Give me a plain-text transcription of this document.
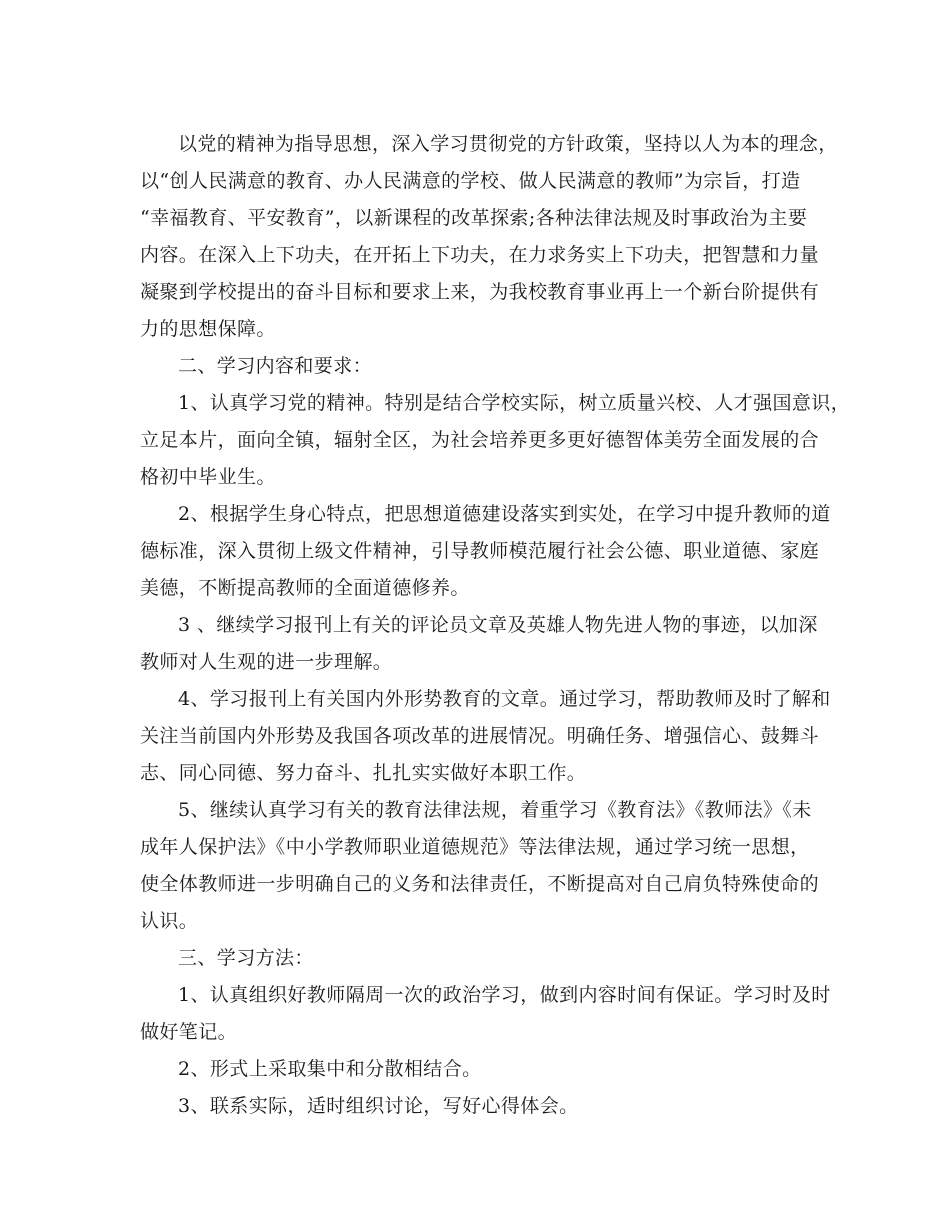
以党的精神为指导思想，深入学习贯彻党的方针政策，坚持以人为本的理念，
以“创人民满意的教育、办人民满意的学校、做人民满意的教师”为宗旨，打造
“幸福教育、平安教育”，以新课程的改革探索;各种法律法规及时事政治为主要
内容。在深入上下功夫，在开拓上下功夫，在力求务实上下功夫，把智慧和力量
凝聚到学校提出的奋斗目标和要求上来，为我校教育事业再上一个新台阶提供有
力的思想保障。
二、学习内容和要求：
1、认真学习党的精神。特别是结合学校实际，树立质量兴校、人才强国意识，
立足本片，面向全镇，辐射全区，为社会培养更多更好德智体美劳全面发展的合
格初中毕业生。
2、根据学生身心特点，把思想道德建设落实到实处，在学习中提升教师的道
德标准，深入贯彻上级文件精神，引导教师模范履行社会公德、职业道德、家庭
美德，不断提高教师的全面道德修养。
3 、继续学习报刊上有关的评论员文章及英雄人物先进人物的事迹，以加深
教师对人生观的进一步理解。
4、学习报刊上有关国内外形势教育的文章。通过学习，帮助教师及时了解和
关注当前国内外形势及我国各项改革的进展情况。明确任务、增强信心、鼓舞斗
志、同心同德、努力奋斗、扎扎实实做好本职工作。
5、继续认真学习有关的教育法律法规，着重学习《教育法》《教师法》《未
成年人保护法》《中小学教师职业道德规范》等法律法规，通过学习统一思想，
使全体教师进一步明确自己的义务和法律责任，不断提高对自己肩负特殊使命的
认识。
三、学习方法：
1、认真组织好教师隔周一次的政治学习，做到内容时间有保证。学习时及时
做好笔记。
2、形式上采取集中和分散相结合。
3、联系实际，适时组织讨论，写好心得体会。
